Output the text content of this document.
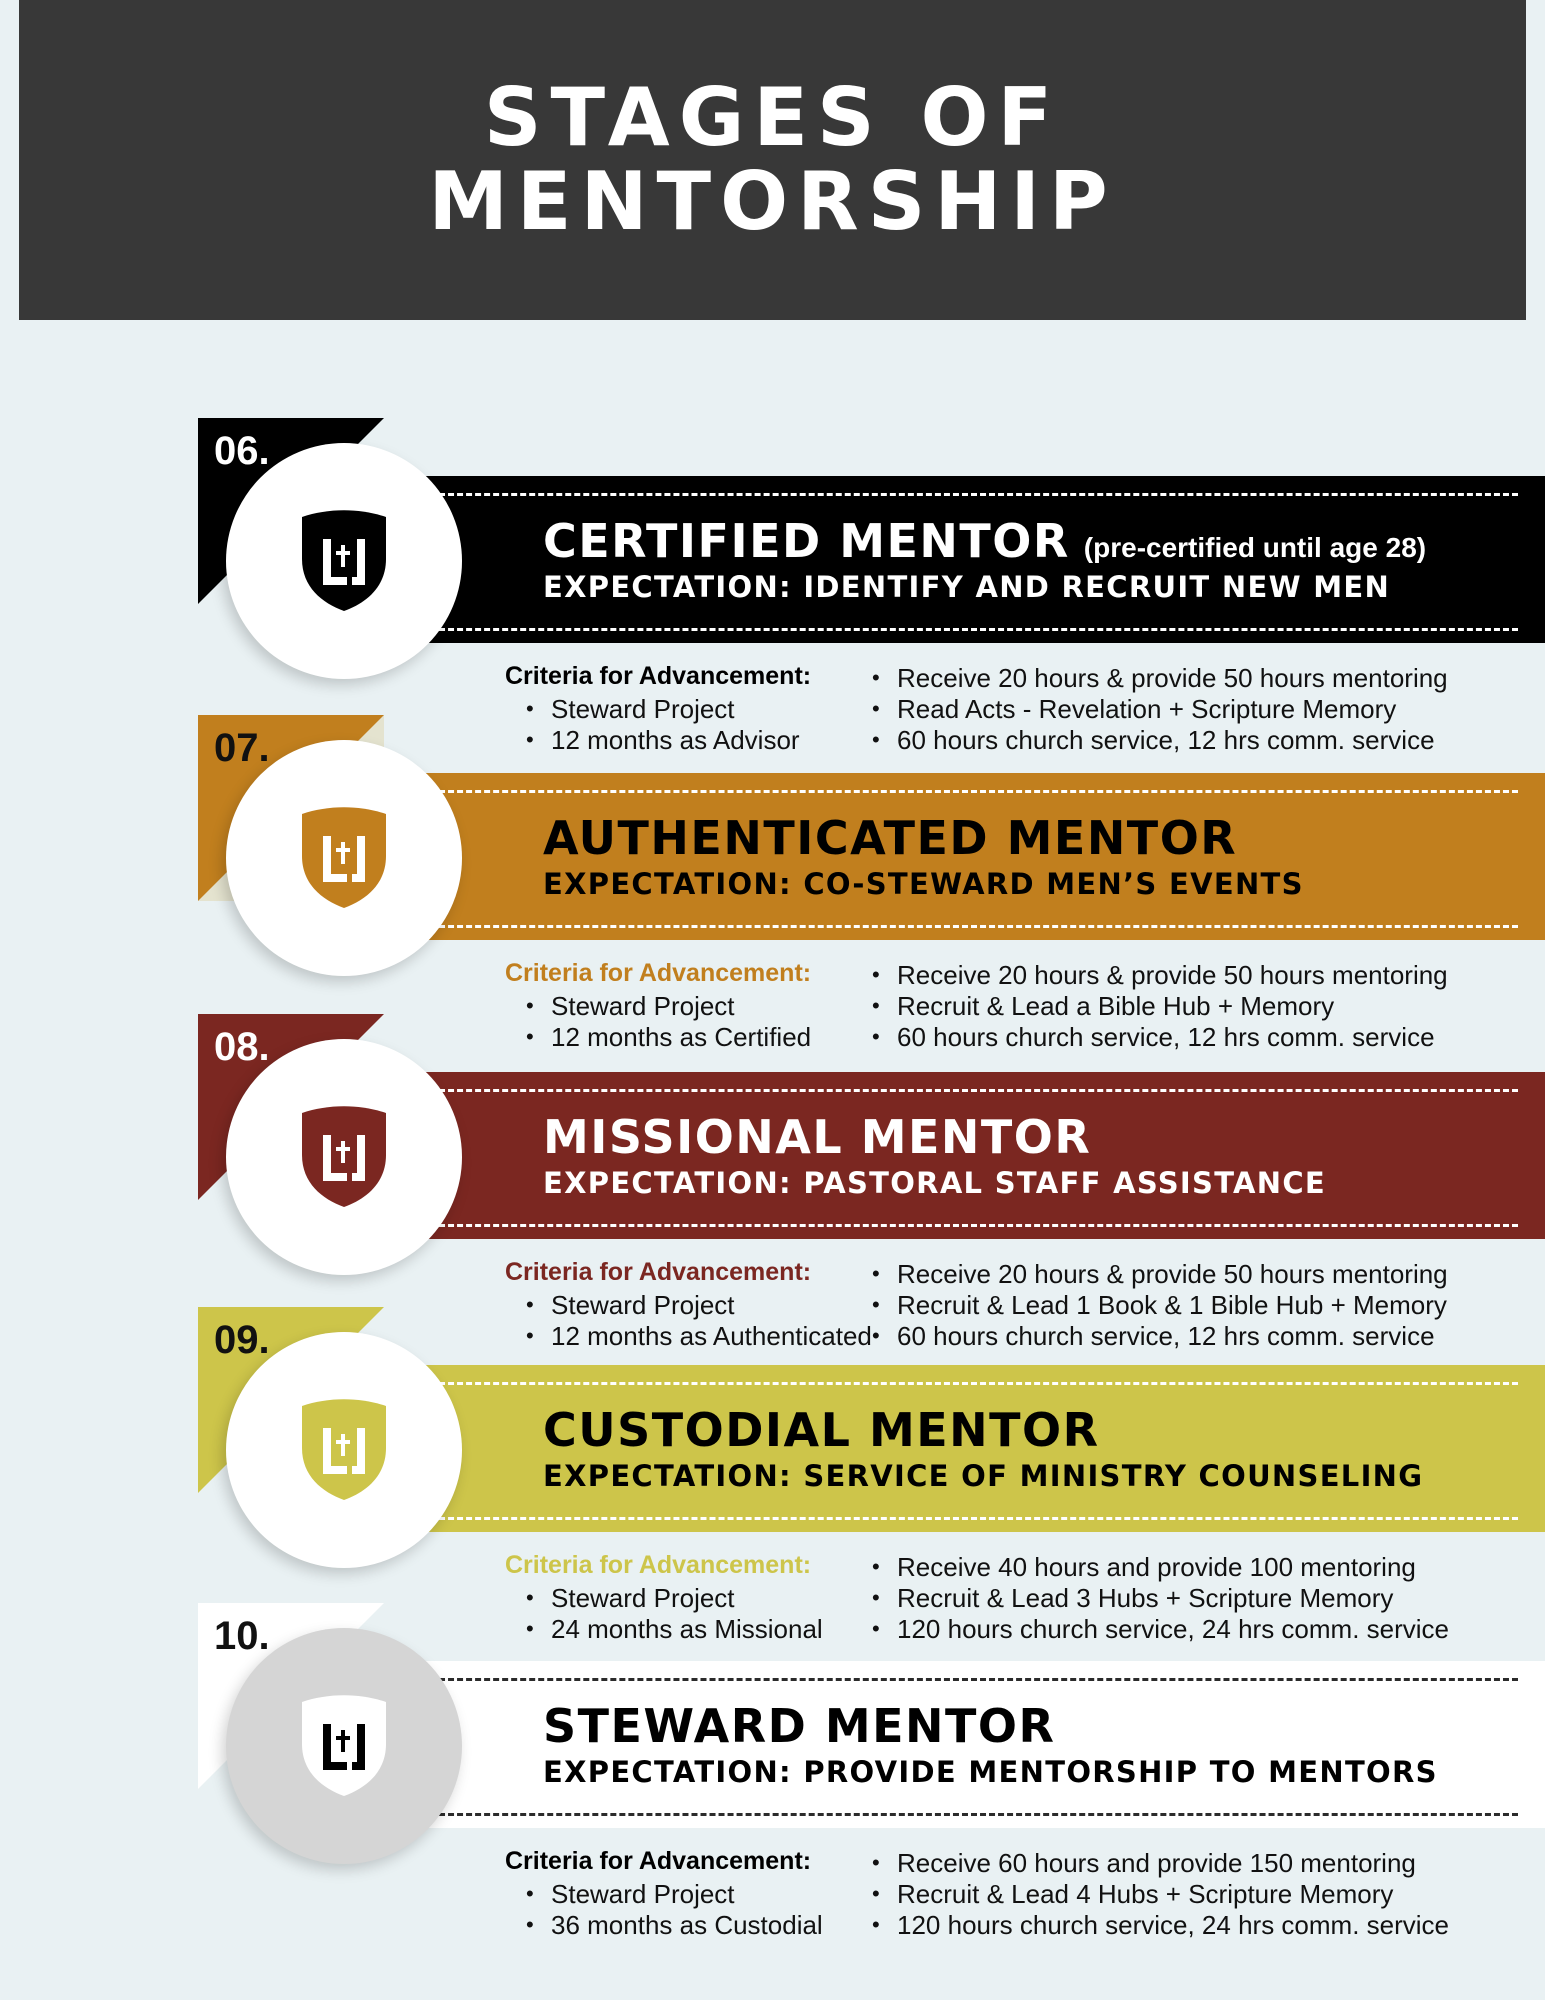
STAGES OF
MENTORSHIP
06.
CERTIFIED MENTOR (pre-certified until age 28)
EXPECTATION: IDENTIFY AND RECRUIT NEW MEN
Criteria for Advancement:
• Steward Project
• 12 months as Advisor
• Receive 20 hours & provide 50 hours mentoring
• Read Acts - Revelation + Scripture Memory
• 60 hours church service, 12 hrs comm. service
07.
AUTHENTICATED MENTOR
EXPECTATION: CO-STEWARD MEN’S EVENTS
Criteria for Advancement:
• Steward Project
• 12 months as Certified
• Receive 20 hours & provide 50 hours mentoring
• Recruit & Lead a Bible Hub + Memory
• 60 hours church service, 12 hrs comm. service
08.
MISSIONAL MENTOR
EXPECTATION: PASTORAL STAFF ASSISTANCE
Criteria for Advancement:
• Steward Project
• 12 months as Authenticated
• Receive 20 hours & provide 50 hours mentoring
• Recruit & Lead 1 Book & 1 Bible Hub + Memory
• 60 hours church service, 12 hrs comm. service
09.
CUSTODIAL MENTOR
EXPECTATION: SERVICE OF MINISTRY COUNSELING
Criteria for Advancement:
• Steward Project
• 24 months as Missional
• Receive 40 hours and provide 100 mentoring
• Recruit & Lead 3 Hubs + Scripture Memory
• 120 hours church service, 24 hrs comm. service
10.
STEWARD MENTOR
EXPECTATION: PROVIDE MENTORSHIP TO MENTORS
Criteria for Advancement:
• Steward Project
• 36 months as Custodial
• Receive 60 hours and provide 150 mentoring
• Recruit & Lead 4 Hubs + Scripture Memory
• 120 hours church service, 24 hrs comm. service
